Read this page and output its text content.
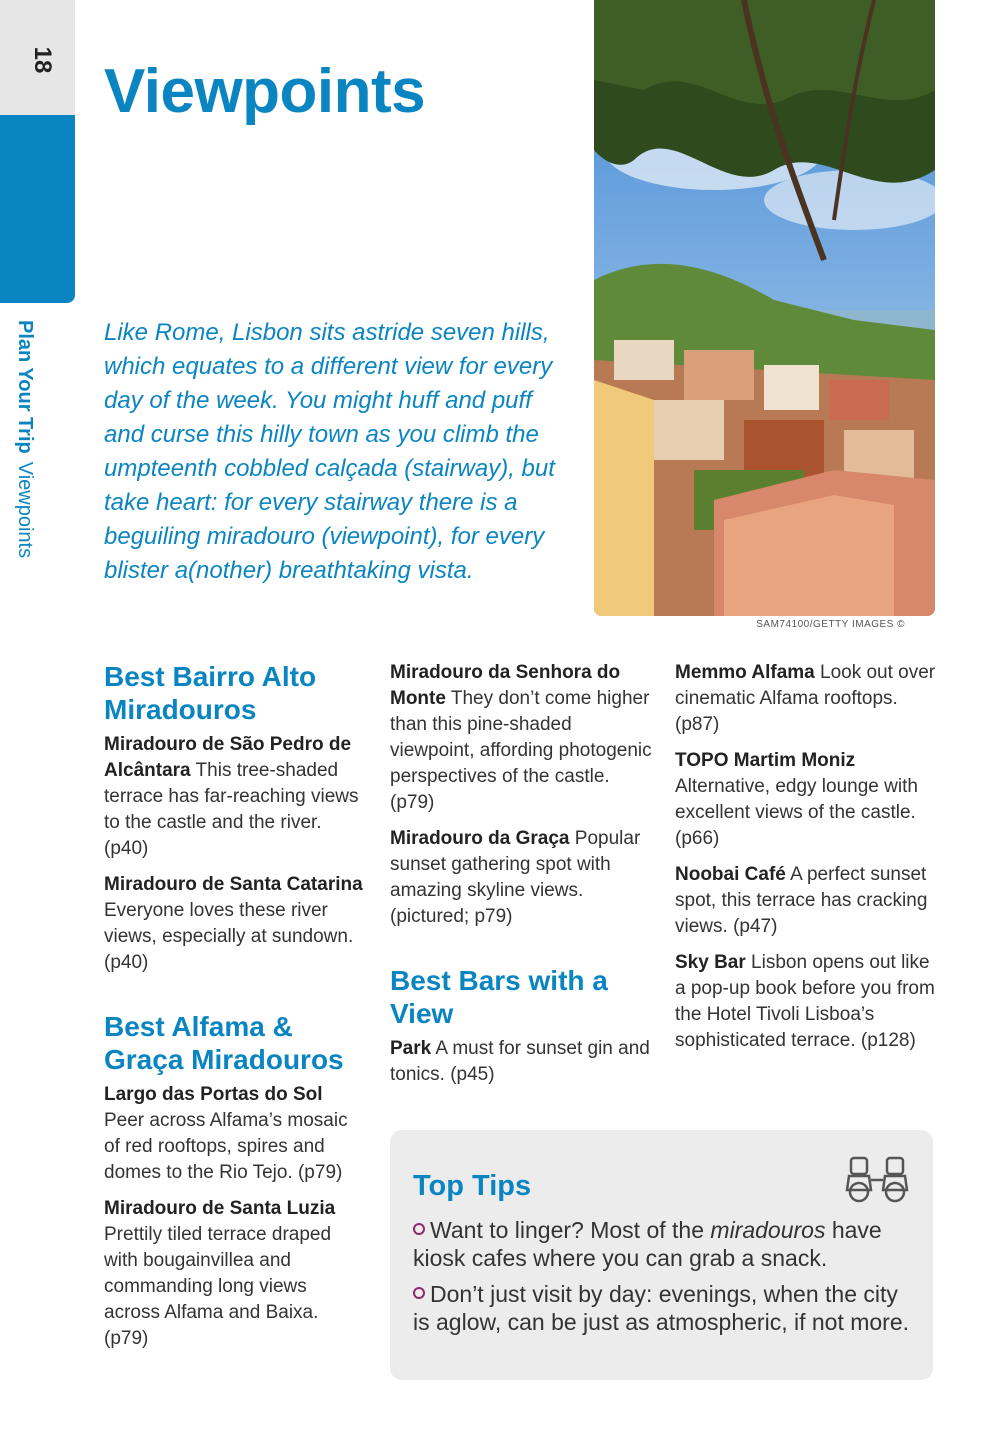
18
Plan Your TripViewpoints
Viewpoints

Like Rome, Lisbon sits astride seven hills, which equates to a different view for every day of the week. You might huff and puff and curse this hilly town as you climb the umpteenth cobbled calçada (stairway), but take heart: for every stairway there is a beguiling miradouro (viewpoint), for every blister a(nother) breathtaking vista.

SAM74100/GETTY IMAGES ©
Best Bairro Alto Miradouros

Miradouro de São Pedro de Alcântara This tree-shaded terrace has far-reaching views to the castle and the river. (p40)

Miradouro de Santa Catarina Everyone loves these river views, especially at sundown. (p40)

Best Alfama & Graça Miradouros

Largo das Portas do Sol Peer across Alfama’s mosaic of red rooftops, spires and domes to the Rio Tejo. (p79)

Miradouro de Santa Luzia Prettily tiled terrace draped with bougainvillea and commanding long views across Alfama and Baixa. (p79)

Miradouro da Senhora do Monte They don’t come higher than this pine-shaded viewpoint, affording photogenic perspectives of the castle. (p79)

Miradouro da Graça Popular sunset gathering spot with amazing skyline views. (pictured; p79)

Best Bars with a View

Park A must for sunset gin and tonics. (p45)

Memmo Alfama Look out over cinematic Alfama rooftops. (p87)

TOPO Martim Moniz Alternative, edgy lounge with excellent views of the castle. (p66)

Noobai Café A perfect sunset spot, this terrace has cracking views. (p47)

Sky Bar Lisbon opens out like a pop-up book before you from the Hotel Tivoli Lisboa’s sophisticated terrace. (p128)

Top Tips

Want to linger? Most of the miradouros have kiosk cafes where you can grab a snack.

Don’t just visit by day: evenings, when the city is aglow, can be just as atmospheric, if not more.
